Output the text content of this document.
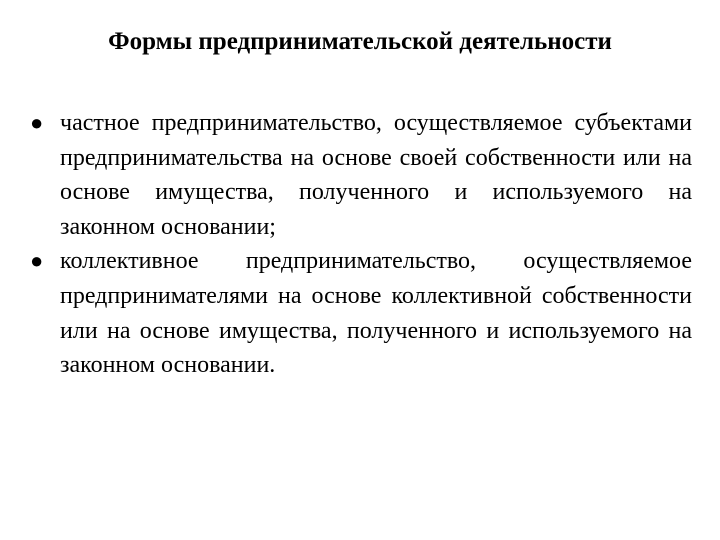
Формы предпринимательской деятельности
● частное предпринимательство, осуществляемое субъектами предпринимательства на основе своей собственности или на основе имущества, полученного и используемого на законном основании;
● коллективное предпринимательство, осуществляемое предпринимателями на основе коллективной собственности или на основе имущества, полученного и используемого на законном основании.
